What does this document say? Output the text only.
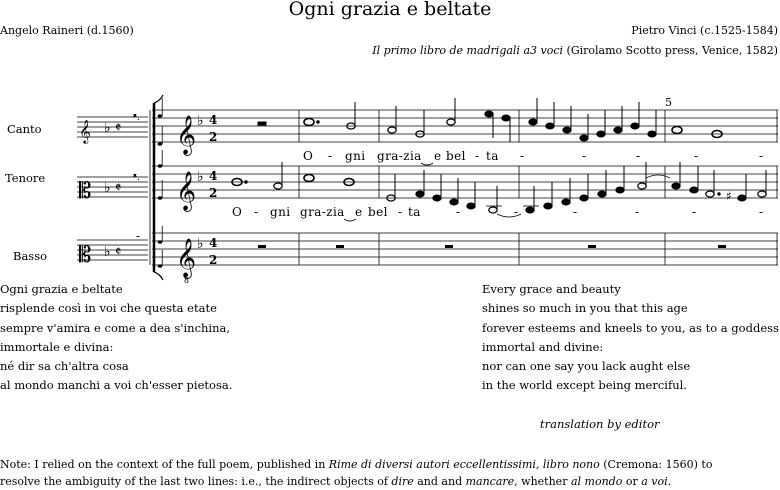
Ogni grazia e beltate
Angelo Raineri (d.1560)	Pietro Vinci (c.1525-1584)
Il primo libro de madrigali a3 voci (Girolamo Scotto press, Venice, 1582)
𝄞 ♭ 𝄵
𝄺.
𝄡 ♭ 𝄵
𝄺.
𝄡 ♭ 𝄵
𝄻
𝄞 ♭ 4
2
𝄞 ♭ 4
2
𝄞
8
♭ 4
2
♯
Canto
Tenore
Basso
5
O - gni gra-zia e bel - ta -	-	-	-	-
O - gni gra-zia e bel - ta	-	-	-	-	-	-
Ogni grazia e beltate
risplende così in voi che questa etate
sempre v'amira e come a dea s'inchina,
immortale e divina:
né dir sa ch'altra cosa
al mondo manchi a voi ch'esser pietosa.
Every grace and beauty
shines so much in you that this age
forever esteems and kneels to you, as to a goddess
immortal and divine:
nor can one say you lack aught else
in the world except being merciful.
translation by editor
Note: I relied on the context of the full poem, published in Rime di diversi autori eccellentissimi, libro nono (Cremona: 1560) to
resolve the ambiguity of the last two lines: i.e., the indirect objects of dire and and mancare, whether al mondo or a voi.
